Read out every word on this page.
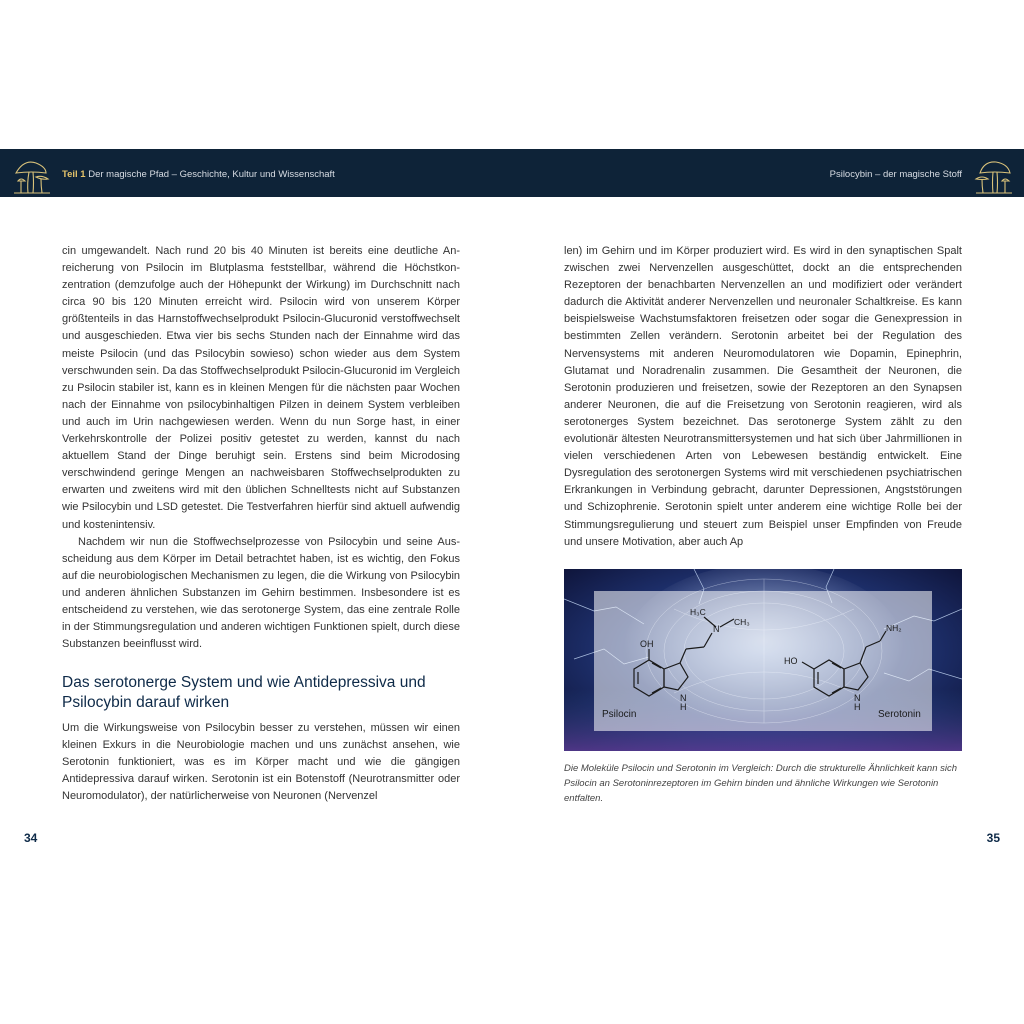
Teil 1 Der magische Pfad – Geschichte, Kultur und Wissenschaft	Psilocybin – der magische Stoff

cin umgewandelt. Nach rund 20 bis 40 Minuten ist bereits eine deutliche Anreicherung von Psilocin im Blutplasma feststellbar, während die Höchstkonzentration (demzufolge auch der Höhepunkt der Wirkung) im Durchschnitt nach circa 90 bis 120 Minuten erreicht wird. Psilocin wird von unserem Körper größtenteils in das Harnstoffwechselprodukt Psilocin-Glucuronid verstoffwechselt und ausgeschieden. Etwa vier bis sechs Stunden nach der Einnahme wird das meiste Psilocin (und das Psilocybin sowieso) schon wieder aus dem System verschwunden sein. Da das Stoffwechselprodukt Psilocin-Glucuronid im Vergleich zu Psilocin stabiler ist, kann es in kleinen Mengen für die nächsten paar Wochen nach der Einnahme von psilocybinhaltigen Pilzen in deinem System verbleiben und auch im Urin nachgewiesen werden. Wenn du nun Sorge hast, in einer Verkehrskontrolle der Polizei positiv getestet zu werden, kannst du nach aktuellem Stand der Dinge beruhigt sein. Erstens sind beim Microdosing verschwindend geringe Mengen an nachweisbaren Stoffwechselprodukten zu erwarten und zweitens wird mit den üblichen Schnelltests nicht auf Substanzen wie Psilocybin und LSD getestet. Die Testverfahren hierfür sind aktuell aufwendig und kostenintensiv.

Nachdem wir nun die Stoffwechselprozesse von Psilocybin und seine Ausscheidung aus dem Körper im Detail betrachtet haben, ist es wichtig, den Fokus auf die neurobiologischen Mechanismen zu legen, die die Wirkung von Psilocybin und anderen ähnlichen Substanzen im Gehirn bestimmen. Insbesondere ist es entscheidend zu verstehen, wie das serotonerge System, das eine zentrale Rolle in der Stimmungsregulation und anderen wichtigen Funktionen spielt, durch diese Substanzen beeinflusst wird.

Das serotonerge System und wie Antidepressiva und Psilocybin darauf wirken

Um die Wirkungsweise von Psilocybin besser zu verstehen, müssen wir einen kleinen Exkurs in die Neurobiologie machen und uns zunächst ansehen, wie Serotonin funktioniert, was es im Körper macht und wie die gängigen Antidepressiva darauf wirken. Serotonin ist ein Botenstoff (Neurotransmitter oder Neuromodulator), der natürlicherweise von Neuronen (Nervenzel

34

len) im Gehirn und im Körper produziert wird. Es wird in den synaptischen Spalt zwischen zwei Nervenzellen ausgeschüttet, dockt an die entsprechenden Rezeptoren der benachbarten Nervenzellen an und modifiziert oder verändert dadurch die Aktivität anderer Nervenzellen und neuronaler Schaltkreise. Es kann beispielsweise Wachstumsfaktoren freisetzen oder sogar die Genexpression in bestimmten Zellen verändern. Serotonin arbeitet bei der Regulation des Nervensystems mit anderen Neuromodulatoren wie Dopamin, Epinephrin, Glutamat und Noradrenalin zusammen. Die Gesamtheit der Neuronen, die Serotonin produzieren und freisetzen, sowie der Rezeptoren an den Synapsen anderer Neuronen, die auf die Freisetzung von Serotonin reagieren, wird als serotonerges System bezeichnet. Das serotonerge System zählt zu den evolutionär ältesten Neurotransmittersystemen und hat sich über Jahrmillionen in vielen verschiedenen Arten von Lebewesen beständig entwickelt. Eine Dysregulation des serotonergen Systems wird mit verschiedenen psychiatrischen Erkrankungen in Verbindung gebracht, darunter Depressionen, Angststörungen und Schizophrenie. Serotonin spielt unter anderem eine wichtige Rolle bei der Stimmungsregulierung und steuert zum Beispiel unser Empfinden von Freude und unsere Motivation, aber auch Ap

OH
N
H
N
H₃C
CH₃
HO
N
H
NH₂
Psilocin	Serotonin
Die Moleküle Psilocin und Serotonin im Vergleich: Durch die strukturelle Ähnlichkeit kann sich Psilocin an Serotoninrezeptoren im Gehirn binden und ähnliche Wirkungen wie Serotonin entfalten.
35
